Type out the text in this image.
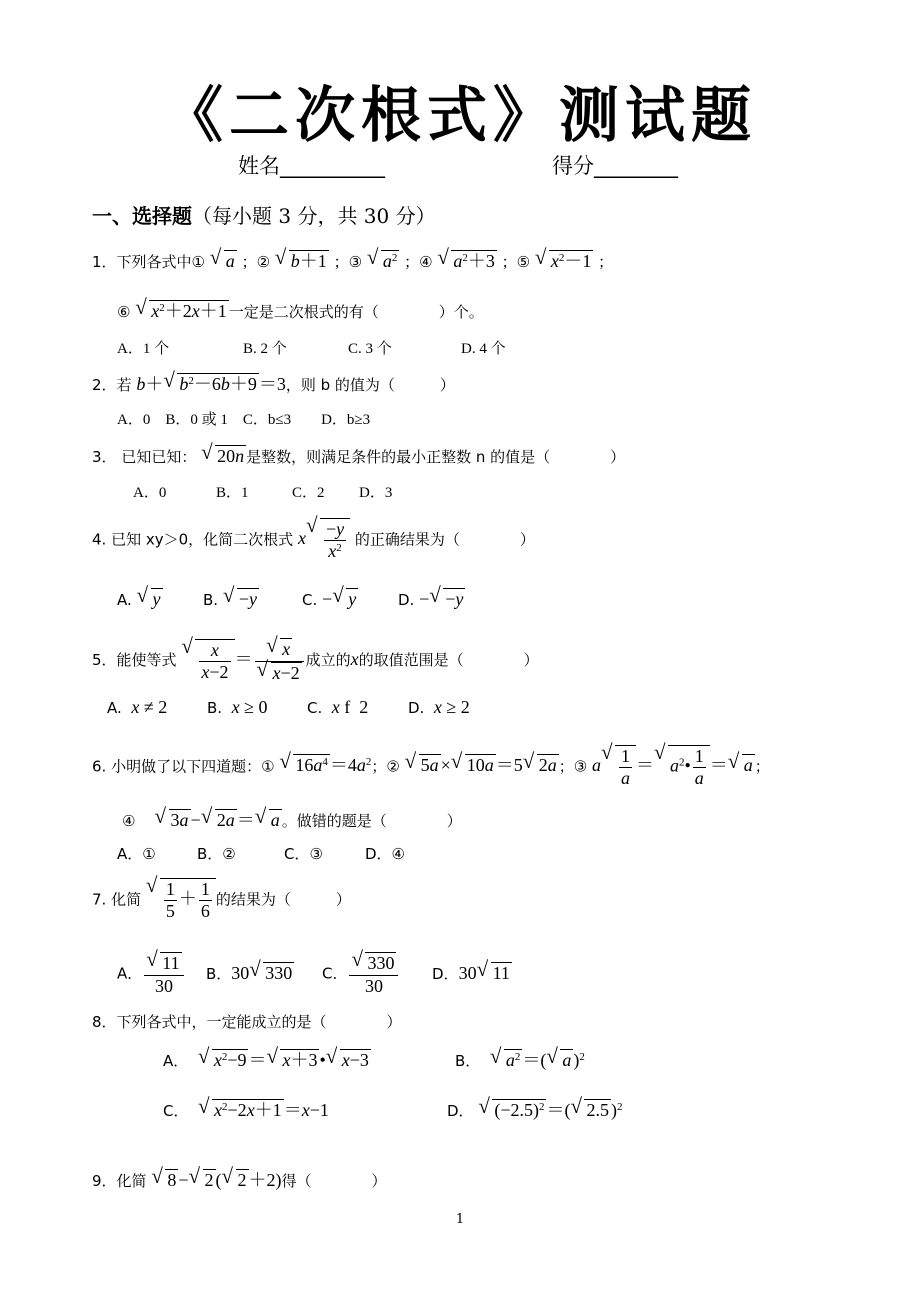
《二次根式》测试题
姓名__________	得分________
一、选择题（每小题 3 分，共 30 分）
1．下列各式中① √ a ；② √ b＋1 ；③ √ $a^2$ ；④ √ $a^2+3$ ；⑤ √ $x^2-1$ ；
⑥ √ $x^2+2x+1$ 一定是二次根式的有（　　　　）个。
A．1 个	B. 2 个	C. 3 个	D. 4 个
2．若 b＋ √ $b^2-6b+9 =3$，则 b 的值为（　　　）
A．0　B．0 或 1　C．b≤3　　D．b≥3
3． 已知已知： √ 20n 是整数，则满足条件的最小正整数 n 的值是（　　　　）
A．0	B．1	C．2 D．3
4. 已知 xy＞0，化简二次根式 x √ $\frac{-y}{x^2}$ 的正确结果为（　　　　）
A. √ y	B. √ −y	C. − √ y	D. − √ −y
5．能使等式 √ $\frac{x}{x-2}$ ＝ √ x
√ x−2 成立的x的取值范围是（　　　　）
A. x ≠ 2	B. x ≥ 0	C. x f  2	D. x ≥ 2
6. 小明做了以下四道题：① √ $16a^4 =4a^2$；② √ 5a × √ 10a ＝5 √ 2a ；③ a √ $\frac{1}{a}$ ＝ √ $a^2• \frac{1}{a}$ ＝ √ a ；
④ √ 3a − √ 2a ＝ √ a 。做错的题是（　　　　）
A．①	B．②	C．③	D．④
7. 化简 √ $\frac{1}{5} + \frac{1}{6}$ 的结果为（　　　）
A． √ $\frac{11}{30}$ B．30 √ 330 C． √ $\frac{330}{30}$ D．30 √ 11
8．下列各式中，一定能成立的是（　　　　）
A． √ $x^2-9$ ＝ √ x＋3 • √ x−3	B． √ $a^2$ ＝( √ a )$^2$
C． √ $x^2-2x+1 =x-1$	D． √ $(-2.5)^2$ ＝( √ 2.5 )$^2$
9．化简 √ 8 − √ 2 ( √ 2 ＋2)得（　　　　）
1
